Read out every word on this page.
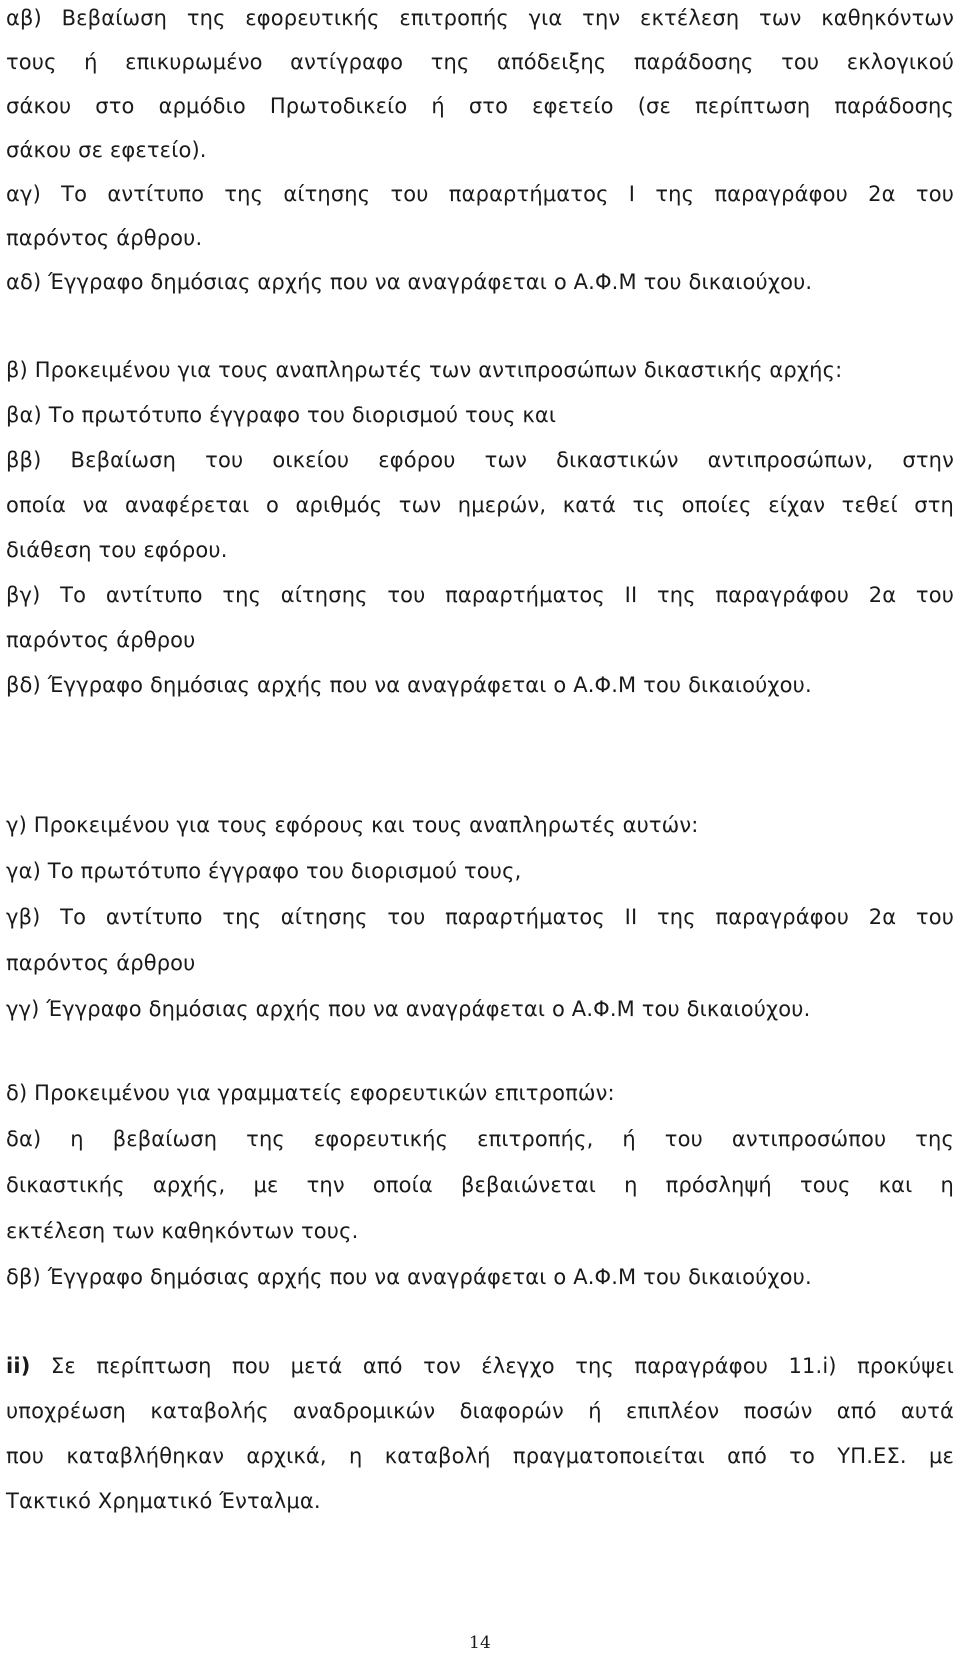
αβ) Βεβαίωση της εφορευτικής επιτροπής για την εκτέλεση των καθηκόντων
τους ή επικυρωμένο αντίγραφο της απόδειξης παράδοσης του εκλογικού
σάκου στο αρμόδιο Πρωτοδικείο ή στο εφετείο (σε περίπτωση παράδοσης
σάκου σε εφετείο).
αγ) Το αντίτυπο της αίτησης του παραρτήματος Ι της παραγράφου 2α του
παρόντος άρθρου.
αδ) Έγγραφο δημόσιας αρχής που να αναγράφεται ο Α.Φ.Μ του δικαιούχου.
β) Προκειμένου για τους αναπληρωτές των αντιπροσώπων δικαστικής αρχής:
βα) Το πρωτότυπο έγγραφο του διορισμού τους και
ββ) Βεβαίωση του οικείου εφόρου των δικαστικών αντιπροσώπων, στην
οποία να αναφέρεται ο αριθμός των ημερών, κατά τις οποίες είχαν τεθεί στη
διάθεση του εφόρου.
βγ) Το αντίτυπο της αίτησης του παραρτήματος ΙΙ της παραγράφου 2α του
παρόντος άρθρου
βδ) Έγγραφο δημόσιας αρχής που να αναγράφεται ο Α.Φ.Μ του δικαιούχου.
γ) Προκειμένου για τους εφόρους και τους αναπληρωτές αυτών:
γα) Το πρωτότυπο έγγραφο του διορισμού τους,
γβ) Το αντίτυπο της αίτησης του παραρτήματος ΙΙ της παραγράφου 2α του
παρόντος άρθρου
γγ) Έγγραφο δημόσιας αρχής που να αναγράφεται ο Α.Φ.Μ του δικαιούχου.
δ) Προκειμένου για γραμματείς εφορευτικών επιτροπών:
δα) η βεβαίωση της εφορευτικής επιτροπής, ή του αντιπροσώπου της
δικαστικής αρχής, με την οποία βεβαιώνεται η πρόσληψή τους και η
εκτέλεση των καθηκόντων τους.
δβ) Έγγραφο δημόσιας αρχής που να αναγράφεται ο Α.Φ.Μ του δικαιούχου.
ii) Σε περίπτωση που μετά από τον έλεγχο της παραγράφου 11.i) προκύψει
υποχρέωση καταβολής αναδρομικών διαφορών ή επιπλέον ποσών από αυτά
που καταβλήθηκαν αρχικά, η καταβολή πραγματοποιείται από το ΥΠ.ΕΣ. με
Τακτικό Χρηματικό Ένταλμα.
14
